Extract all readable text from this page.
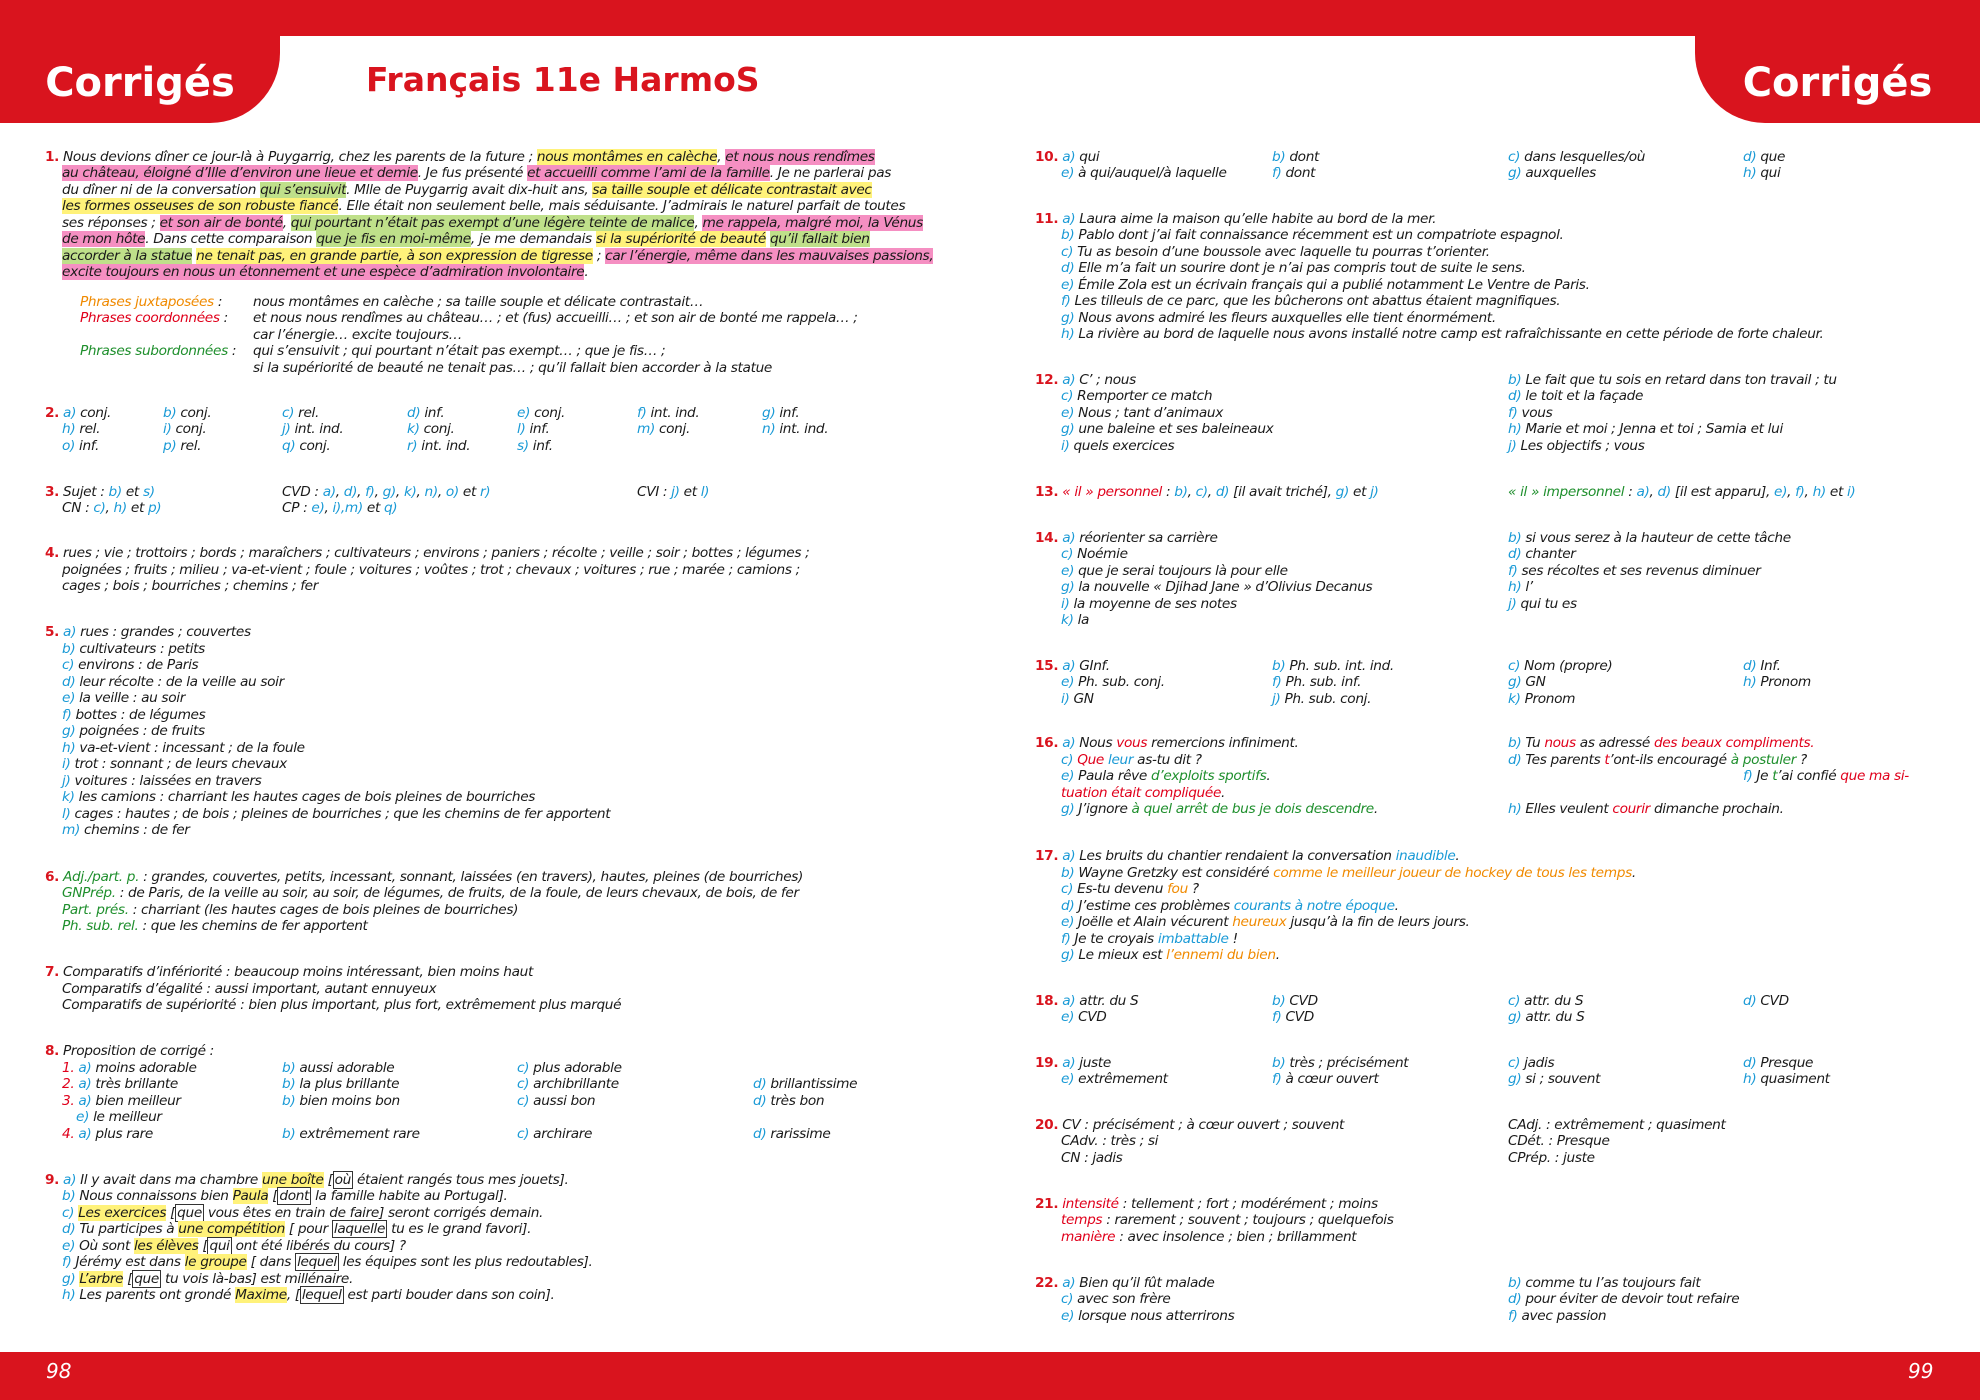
Corrigés	Corrigés
Français 11e HarmoS
1. Nous devions dîner ce jour-là à Puygarrig, chez les parents de la future ; nous montâmes en calèche, et nous nous rendîmes
au château, éloigné d’Ille d’environ une lieue et demie. Je fus présenté et accueilli comme l’ami de la famille. Je ne parlerai pas
du dîner ni de la conversation qui s’ensuivit. Mlle de Puygarrig avait dix-huit ans, sa taille souple et délicate contrastait avec
les formes osseuses de son robuste fiancé. Elle était non seulement belle, mais séduisante. J’admirais le naturel parfait de toutes
ses réponses ; et son air de bonté, qui pourtant n’était pas exempt d’une légère teinte de malice, me rappela, malgré moi, la Vénus
de mon hôte. Dans cette comparaison que je fis en moi-même, je me demandais si la supériorité de beauté qu’il fallait bien
accorder à la statue ne tenait pas, en grande partie, à son expression de tigresse ; car l’énergie, même dans les mauvaises passions,
excite toujours en nous un étonnement et une espèce d’admiration involontaire.
Phrases juxtaposées : nous montâmes en calèche ; sa taille souple et délicate contrastait…
Phrases coordonnées : et nous nous rendîmes au château… ; et (fus) accueilli… ; et son air de bonté me rappela… ;
car l’énergie… excite toujours…
Phrases subordonnées : qui s’ensuivit ; qui pourtant n’était pas exempt… ; que je fis… ;
si la supériorité de beauté ne tenait pas… ; qu’il fallait bien accorder à la statue
2. a) conj.	b) conj.	c) rel.	d) inf.	e) conj.	f) int. ind.	g) inf.
h) rel.	i) conj.	j) int. ind.	k) conj.	l) inf.	m) conj.	n) int. ind.
o) inf.	p) rel.	q) conj.	r) int. ind.	s) inf.
3. Sujet : b) et s)	CVD : a), d), f), g), k), n), o) et r)	CVI : j) et l)
CN : c), h) et p)	CP : e), i),m) et q)
4. rues ; vie ; trottoirs ; bords ; maraîchers ; cultivateurs ; environs ; paniers ; récolte ; veille ; soir ; bottes ; légumes ;
poignées ; fruits ; milieu ; va-et-vient ; foule ; voitures ; voûtes ; trot ; chevaux ; voitures ; rue ; marée ; camions ;
cages ; bois ; bourriches ; chemins ; fer
5. a) rues : grandes ; couvertes
b) cultivateurs : petits
c) environs : de Paris
d) leur récolte : de la veille au soir
e) la veille : au soir
f) bottes : de légumes
g) poignées : de fruits
h) va-et-vient : incessant ; de la foule
i) trot : sonnant ; de leurs chevaux
j) voitures : laissées en travers
k) les camions : charriant les hautes cages de bois pleines de bourriches
l) cages : hautes ; de bois ; pleines de bourriches ; que les chemins de fer apportent
m) chemins : de fer
6. Adj./part. p. : grandes, couvertes, petits, incessant, sonnant, laissées (en travers), hautes, pleines (de bourriches)
GNPrép. : de Paris, de la veille au soir, au soir, de légumes, de fruits, de la foule, de leurs chevaux, de bois, de fer
Part. prés. : charriant (les hautes cages de bois pleines de bourriches)
Ph. sub. rel. : que les chemins de fer apportent
7. Comparatifs d’infériorité : beaucoup moins intéressant, bien moins haut
Comparatifs d’égalité : aussi important, autant ennuyeux
Comparatifs de supériorité : bien plus important, plus fort, extrêmement plus marqué
8. Proposition de corrigé :
1. a) moins adorable	b) aussi adorable	c) plus adorable
2. a) très brillante	b) la plus brillante	c) archibrillante	d) brillantissime
3. a) bien meilleur	b) bien moins bon	c) aussi bon	d) très bon
e) le meilleur
4. a) plus rare	b) extrêmement rare	c) archirare	d) rarissime
9. a) Il y avait dans ma chambre une boîte [ où étaient rangés tous mes jouets].
b) Nous connaissons bien Paula [ dont la famille habite au Portugal].
c) Les exercices [ que vous êtes en train de faire] seront corrigés demain.
d) Tu participes à une compétition [ pour laquelle tu es le grand favori].
e) Où sont les élèves [ qui ont été libérés du cours] ?
f) Jérémy est dans le groupe [ dans lequel les équipes sont les plus redoutables].
g) L’arbre [ que tu vois là-bas] est millénaire.
h) Les parents ont grondé Maxime, [ lequel est parti bouder dans son coin].
10. a) qui	b) dont	c) dans lesquelles/où	d) que
e) à qui/auquel/à laquelle	f) dont	g) auxquelles	h) qui
11. a) Laura aime la maison qu’elle habite au bord de la mer.
b) Pablo dont j’ai fait connaissance récemment est un compatriote espagnol.
c) Tu as besoin d’une boussole avec laquelle tu pourras t’orienter.
d) Elle m’a fait un sourire dont je n’ai pas compris tout de suite le sens.
e) Émile Zola est un écrivain français qui a publié notamment Le Ventre de Paris.
f) Les tilleuls de ce parc, que les bûcherons ont abattus étaient magnifiques.
g) Nous avons admiré les fleurs auxquelles elle tient énormément.
h) La rivière au bord de laquelle nous avons installé notre camp est rafraîchissante en cette période de forte chaleur.
12. a) C’ ; nous	b) Le fait que tu sois en retard dans ton travail ; tu
c) Remporter ce match	d) le toit et la façade
e) Nous ; tant d’animaux	f) vous
g) une baleine et ses baleineaux	h) Marie et moi ; Jenna et toi ; Samia et lui
i) quels exercices	j) Les objectifs ; vous
13. « il » personnel : b), c), d) [il avait triché], g) et j)	« il » impersonnel : a), d) [il est apparu], e), f), h) et i)
14. a) réorienter sa carrière	b) si vous serez à la hauteur de cette tâche
c) Noémie	d) chanter
e) que je serai toujours là pour elle	f) ses récoltes et ses revenus diminuer
g) la nouvelle « Djihad Jane » d’Olivius Decanus	h) l’
i) la moyenne de ses notes	j) qui tu es
k) la
15. a) GInf.	b) Ph. sub. int. ind.	c) Nom (propre)	d) Inf.
e) Ph. sub. conj.	f) Ph. sub. inf.	g) GN	h) Pronom
i) GN	j) Ph. sub. conj.	k) Pronom
16. a) Nous vous remercions infiniment.	b) Tu nous as adressé des beaux compliments.
c) Que leur as-tu dit ?	d) Tes parents t’ont-ils encouragé à postuler ?
e) Paula rêve d’exploits sportifs.	f) Je t’ai confié que ma si-
tuation était compliquée.
g) J’ignore à quel arrêt de bus je dois descendre.	h) Elles veulent courir dimanche prochain.
17. a) Les bruits du chantier rendaient la conversation inaudible.
b) Wayne Gretzky est considéré comme le meilleur joueur de hockey de tous les temps.
c) Es-tu devenu fou ?
d) J’estime ces problèmes courants à notre époque.
e) Joëlle et Alain vécurent heureux jusqu’à la fin de leurs jours.
f) Je te croyais imbattable !
g) Le mieux est l’ennemi du bien.
18. a) attr. du S	b) CVD	c) attr. du S	d) CVD
e) CVD	f) CVD	g) attr. du S
19. a) juste	b) très ; précisément	c) jadis	d) Presque
e) extrêmement	f) à cœur ouvert	g) si ; souvent	h) quasiment
20. CV : précisément ; à cœur ouvert ; souvent	CAdj. : extrêmement ; quasiment
CAdv. : très ; si	CDét. : Presque
CN : jadis	CPrép. : juste
21. intensité : tellement ; fort ; modérément ; moins
temps : rarement ; souvent ; toujours ; quelquefois
manière : avec insolence ; bien ; brillamment
22. a) Bien qu’il fût malade	b) comme tu l’as toujours fait
c) avec son frère	d) pour éviter de devoir tout refaire
e) lorsque nous atterrirons	f) avec passion
98	99
